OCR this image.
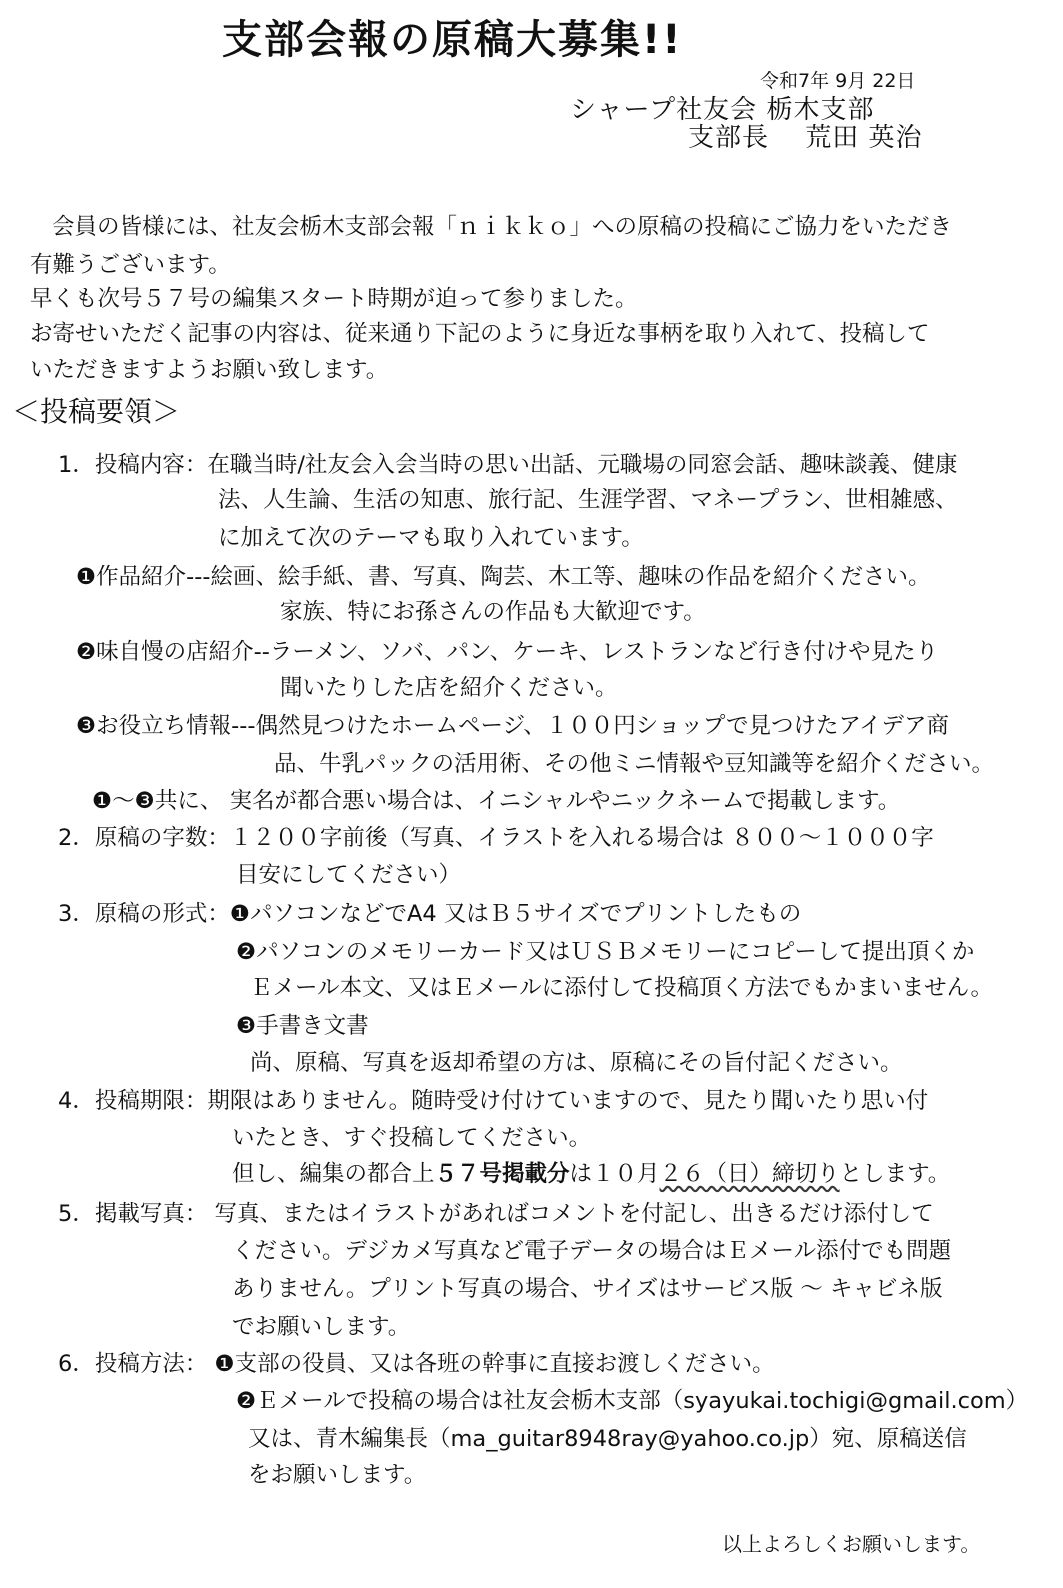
支部会報の原稿大募集!!
令和7年 9月 22日
シャープ社友会 栃木支部
支部長　 荒田 英治
会員の皆様には、社友会栃木支部会報「ｎｉｋｋｏ」への原稿の投稿にご協力をいただき
有難うございます。
早くも次号５７号の編集スタート時期が迫って参りました。
お寄せいただく記事の内容は、従来通り下記のように身近な事柄を取り入れて、投稿して
いただきますようお願い致します。
＜投稿要領＞
1．投稿内容：在職当時/社友会入会当時の思い出話、元職場の同窓会話、趣味談義、健康
法、人生論、生活の知恵、旅行記、生涯学習、マネープラン、世相雑感、
に加えて次のテーマも取り入れています。
❶作品紹介---絵画、絵手紙、書、写真、陶芸、木工等、趣味の作品を紹介ください。
家族、特にお孫さんの作品も大歓迎です。
❷味自慢の店紹介--ラーメン、ソバ、パン、ケーキ、レストランなど行き付けや見たり
聞いたりした店を紹介ください。
❸お役立ち情報---偶然見つけたホームページ、１００円ショップで見つけたアイデア商
品、牛乳パックの活用術、その他ミニ情報や豆知識等を紹介ください。
❶～❸共に、 実名が都合悪い場合は、イニシャルやニックネームで掲載します。
2．原稿の字数：１２００字前後（写真、イラストを入れる場合は ８００～１０００字
目安にしてください）
3．原稿の形式：❶パソコンなどでA4 又はＢ５サイズでプリントしたもの
❷パソコンのメモリーカード又はＵＳＢメモリーにコピーして提出頂くか
Ｅメール本文、又はＥメールに添付して投稿頂く方法でもかまいません。
❸手書き文書
尚、原稿、写真を返却希望の方は、原稿にその旨付記ください。
4．投稿期限：期限はありません。随時受け付けていますので、見たり聞いたり思い付
いたとき、すぐ投稿してください。
但し、編集の都合上５７号掲載分は１０月２６（日）締切りとします。
5．掲載写真： 写真、またはイラストがあればコメントを付記し、出きるだけ添付して
ください。デジカメ写真など電子データの場合はＥメール添付でも問題
ありません。プリント写真の場合、サイズはサービス版 ～ キャビネ版
でお願いします。
6．投稿方法： ❶支部の役員、又は各班の幹事に直接お渡しください。
❷Ｅメールで投稿の場合は社友会栃木支部（syayukai.tochigi@gmail.com）
又は、青木編集長（ma_guitar8948ray@yahoo.co.jp）宛、原稿送信
をお願いします。
以上よろしくお願いします。
